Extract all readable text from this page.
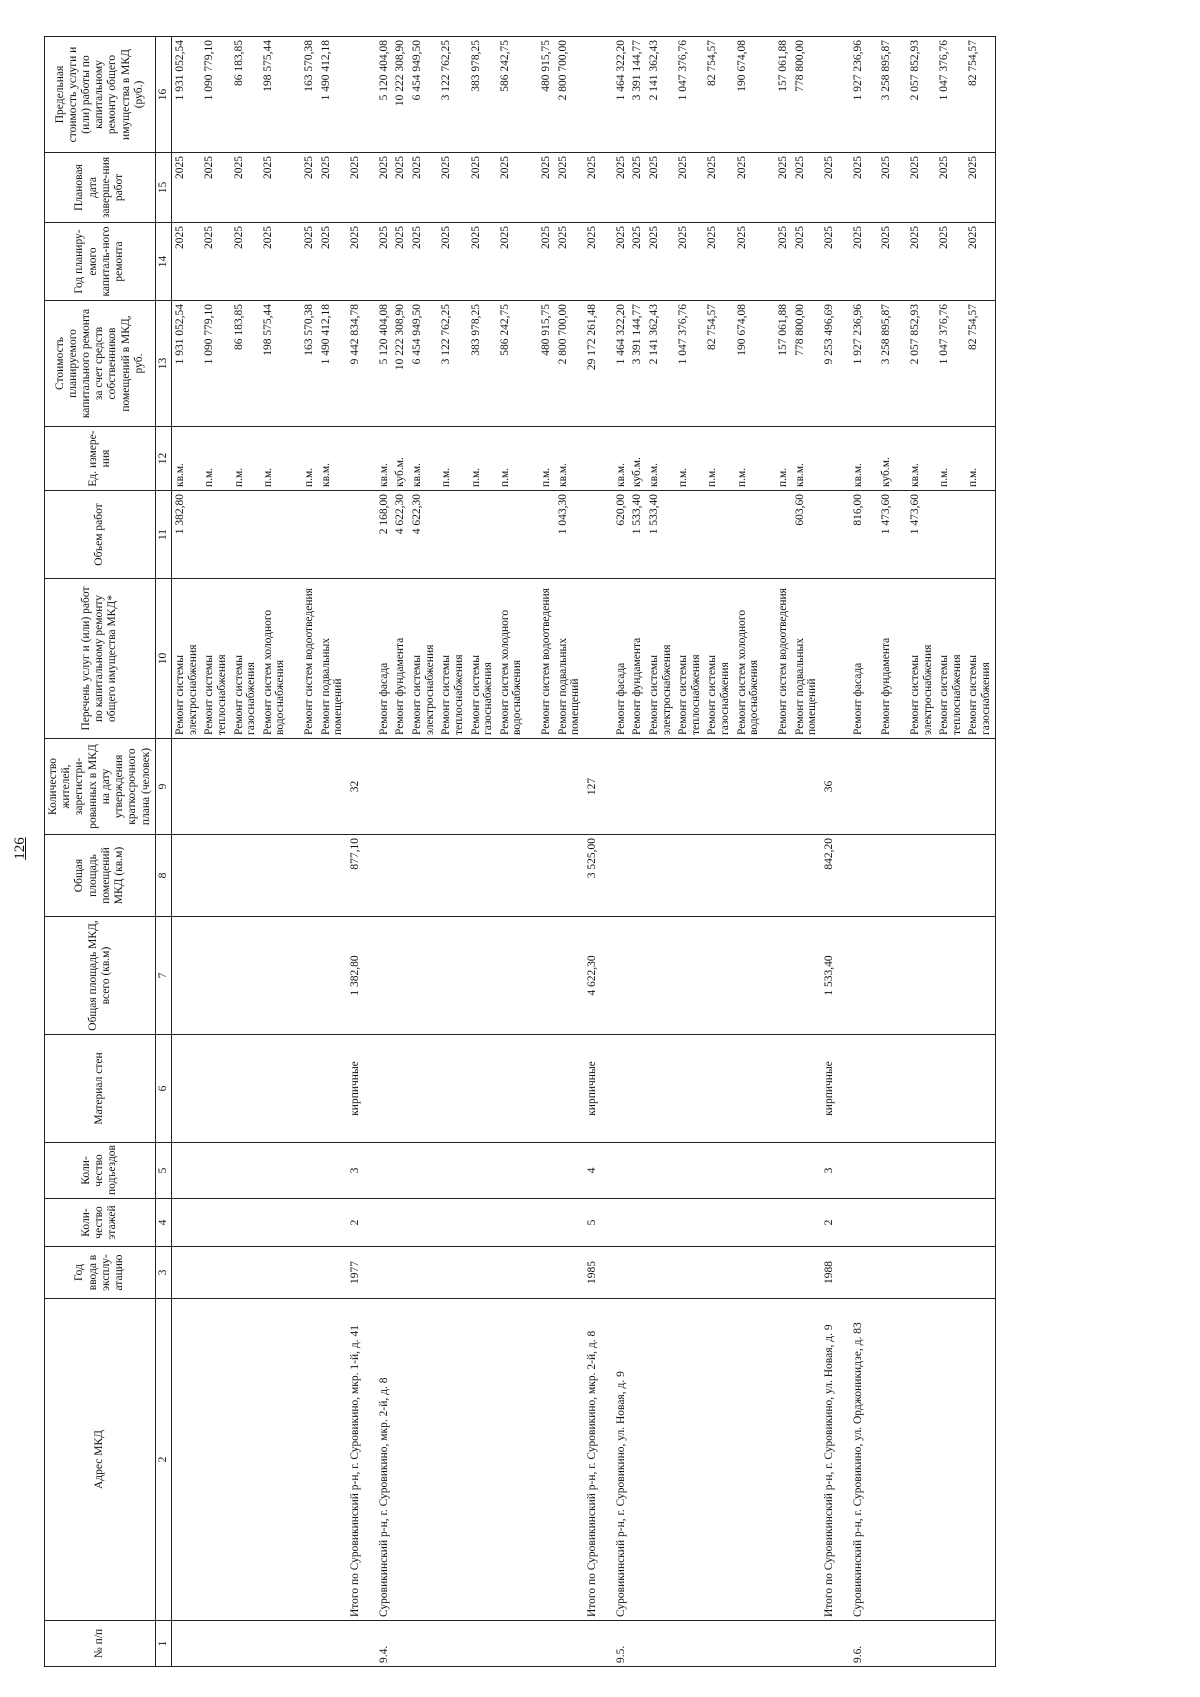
126
№ п/п	Адрес МКД	Год ввода в эксплу-атацию	Коли-чество этажей	Коли-чество подъездов	Материал стен	Общая площадь МКД, всего (кв.м)	Общая площадь помещений МКД (кв.м)	Количество жителей, зарегистри-рованных в МКД на дату утверждения краткосрочного плана (человек)	Перечень услуг и (или) работ по капитальному ремонту общего имущества МКД*	Объем работ	Ед. измере-ния	Стоимость планируемого капитального ремонта за счет средств собственников помещений в МКД, руб.	Год планиру-емого капиталь-ного ремонта	Плановая дата заверше-ния работ	Предельная стоимость услуги и (или) работы по капитальному ремонту общего имущества в МКД (руб.)
1	2	3	4	5	6	7	8	9	10	11	12	13	14	15	16
									Ремонт системы электроснабжения	1 382,80	кв.м.	1 931 052,54	2025	2025	1 931 052,54
									Ремонт системы теплоснабжения		п.м.	1 090 779,10	2025	2025	1 090 779,10
									Ремонт системы газоснабжения		п.м.	86 183,85	2025	2025	86 183,85
									Ремонт систем холодного водоснабжения		п.м.	198 575,44	2025	2025	198 575,44

									Ремонт систем водоотведения		п.м.	163 570,38	2025	2025	163 570,38
									Ремонт подвальных помещений		кв.м.	1 490 412,18	2025	2025	1 490 412,18
	Итого по Суровикинский р-н, г. Суровикино, мкр. 1-й, д. 41	1977	2	3	кирпичные	1 382,80	877,10	32				9 442 834,78	2025	2025	

9.4.	Суровикинский р-н, г. Суровикино, мкр. 2-й, д. 8								Ремонт фасада	2 168,00	кв.м.	5 120 404,08	2025	2025	5 120 404,08
									Ремонт фундамента	4 622,30	куб.м.	10 222 308,90	2025	2025	10 222 308,90
									Ремонт системы электроснабжения	4 622,30	кв.м.	6 454 949,50	2025	2025	6 454 949,50
									Ремонт системы теплоснабжения		п.м.	3 122 762,25	2025	2025	3 122 762,25
									Ремонт системы газоснабжения		п.м.	383 978,25	2025	2025	383 978,25
									Ремонт систем холодного водоснабжения		п.м.	586 242,75	2025	2025	586 242,75

									Ремонт систем водоотведения		п.м.	480 915,75	2025	2025	480 915,75
									Ремонт подвальных помещений	1 043,30	кв.м.	2 800 700,00	2025	2025	2 800 700,00
	Итого по Суровикинский р-н, г. Суровикино, мкр. 2-й, д. 8	1985	5	4	кирпичные	4 622,30	3 525,00	127				29 172 261,48	2025	2025	

9.5.	Суровикинский р-н, г. Суровикино, ул. Новая, д. 9								Ремонт фасада	620,00	кв.м.	1 464 322,20	2025	2025	1 464 322,20
									Ремонт фундамента	1 533,40	куб.м.	3 391 144,77	2025	2025	3 391 144,77
									Ремонт системы электроснабжения	1 533,40	кв.м.	2 141 362,43	2025	2025	2 141 362,43
									Ремонт системы теплоснабжения		п.м.	1 047 376,76	2025	2025	1 047 376,76
									Ремонт системы газоснабжения		п.м.	82 754,57	2025	2025	82 754,57
									Ремонт систем холодного водоснабжения		п.м.	190 674,08	2025	2025	190 674,08

									Ремонт систем водоотведения		п.м.	157 061,88	2025	2025	157 061,88
									Ремонт подвальных помещений	603,60	кв.м.	778 800,00	2025	2025	778 800,00
	Итого по Суровикинский р-н, г. Суровикино, ул. Новая, д. 9	1988	2	3	кирпичные	1 533,40	842,20	36				9 253 496,69	2025	2025	

9.6.	Суровикинский р-н, г. Суровикино, ул. Орджоникидзе, д. 83								Ремонт фасада	816,00	кв.м.	1 927 236,96	2025	2025	1 927 236,96

									Ремонт фундамента	1 473,60	куб.м.	3 258 895,87	2025	2025	3 258 895,87

									Ремонт системы электроснабжения	1 473,60	кв.м.	2 057 852,93	2025	2025	2 057 852,93
									Ремонт системы теплоснабжения		п.м.	1 047 376,76	2025	2025	1 047 376,76
									Ремонт системы газоснабжения		п.м.	82 754,57	2025	2025	82 754,57
